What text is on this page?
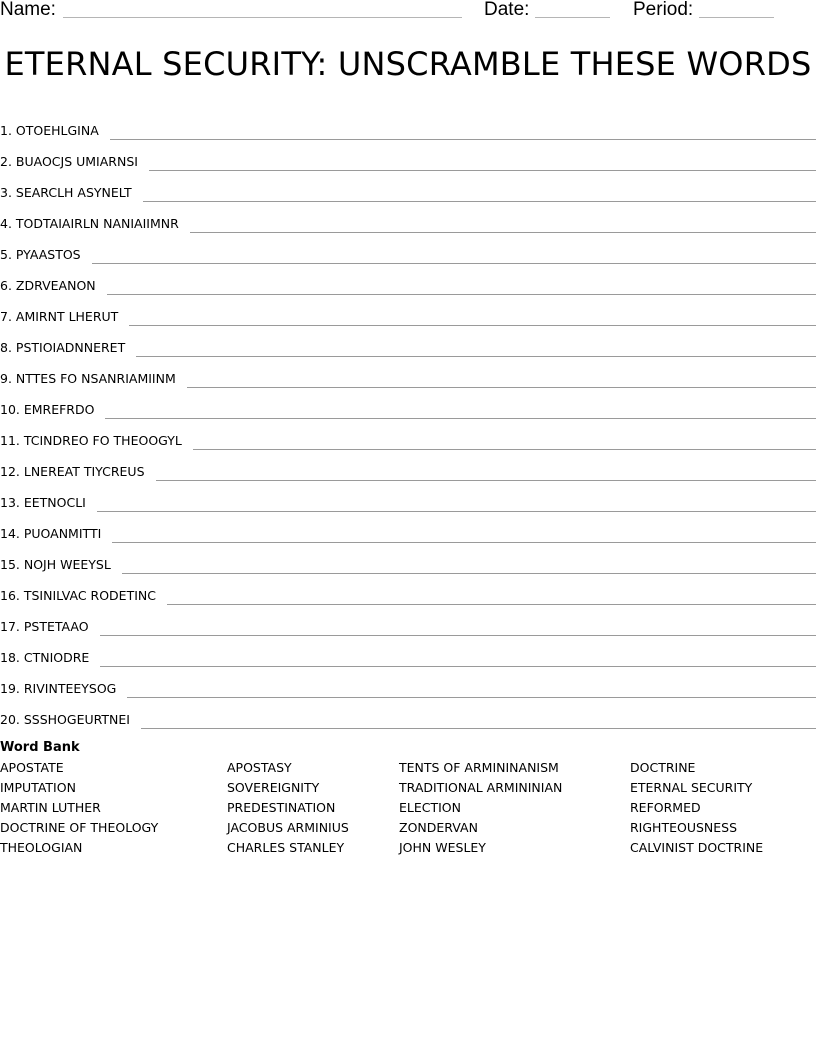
Name:	Date:	Period:
ETERNAL SECURITY: UNSCRAMBLE THESE WORDS
1. OTOEHLGINA
2. BUAOCJS UMIARNSI
3. SEARCLH ASYNELT
4. TODTAIAIRLN NANIAIIMNR
5. PYAASTOS
6. ZDRVEANON
7. AMIRNT LHERUT
8. PSTIOIADNNERET
9. NTTES FO NSANRIAMIINM
10. EMREFRDO
11. TCINDREO FO THEOOGYL
12. LNEREAT TIYCREUS
13. EETNOCLI
14. PUOANMITTI
15. NOJH WEEYSL
16. TSINILVAC RODETINC
17. PSTETAAO
18. CTNIODRE
19. RIVINTEEYSOG
20. SSSHOGEURTNEI
Word Bank
APOSTATE	APOSTASY	TENTS OF ARMININANISM	DOCTRINE
IMPUTATION	SOVEREIGNITY	TRADITIONAL ARMININIAN	ETERNAL SECURITY
MARTIN LUTHER	PREDESTINATION	ELECTION	REFORMED
DOCTRINE OF THEOLOGY	JACOBUS ARMINIUS	ZONDERVAN	RIGHTEOUSNESS
THEOLOGIAN	CHARLES STANLEY	JOHN WESLEY	CALVINIST DOCTRINE
